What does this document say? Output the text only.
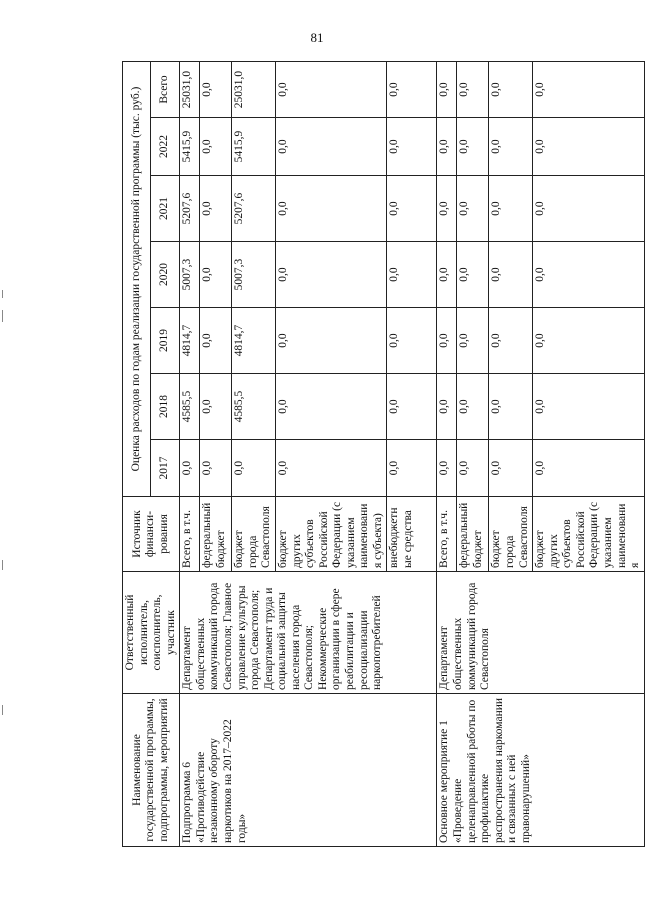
81
Наименование государственной программы, подпрограммы, мероприятий	Ответственный исполнитель, соисполнитель, участник	Источник финанси-рования	Оценка расходов по годам реализации государственной программы (тыс. руб.)						
			2017	2018	2019	2020	2021	2022	Всего
Подпрограмма 6 «Противодействие незаконному обороту наркотиков на 2017–2022 годы»	Департамент общественных коммуникаций города Севастополя; Главное управление культуры города Севастополя; Департамент труда и социальной защиты населения города Севастополя; Некоммерческие организации в сфере реабилитации и ресоциализации наркопотребителей	Всего, в т.ч.	0,0	4585,5	4814,7	5007,3	5207,6	5415,9	25031,0
		федеральный бюджет	0,0	0,0	0,0	0,0	0,0	0,0	0,0
		бюджет города Севастополя	0,0	4585,5	4814,7	5007,3	5207,6	5415,9	25031,0
		бюджет других субъектов Российской Федерации (с указанием наименования субъекта)	0,0	0,0	0,0	0,0	0,0	0,0	0,0
		внебюджетные средства	0,0	0,0	0,0	0,0	0,0	0,0	0,0
Основное мероприятие 1 «Проведение целенаправленной работы по профилактике распространения наркомании и связанных с ней правонарушений»	Департамент общественных коммуникаций города Севастополя	Всего, в т.ч.	0,0	0,0	0,0	0,0	0,0	0,0	0,0
		федеральный бюджет	0,0	0,0	0,0	0,0	0,0	0,0	0,0
		бюджет города Севастополя	0,0	0,0	0,0	0,0	0,0	0,0	0,0
		бюджет других субъектов Российской Федерации (с указанием наименования	0,0	0,0	0,0	0,0	0,0	0,0	0,0
